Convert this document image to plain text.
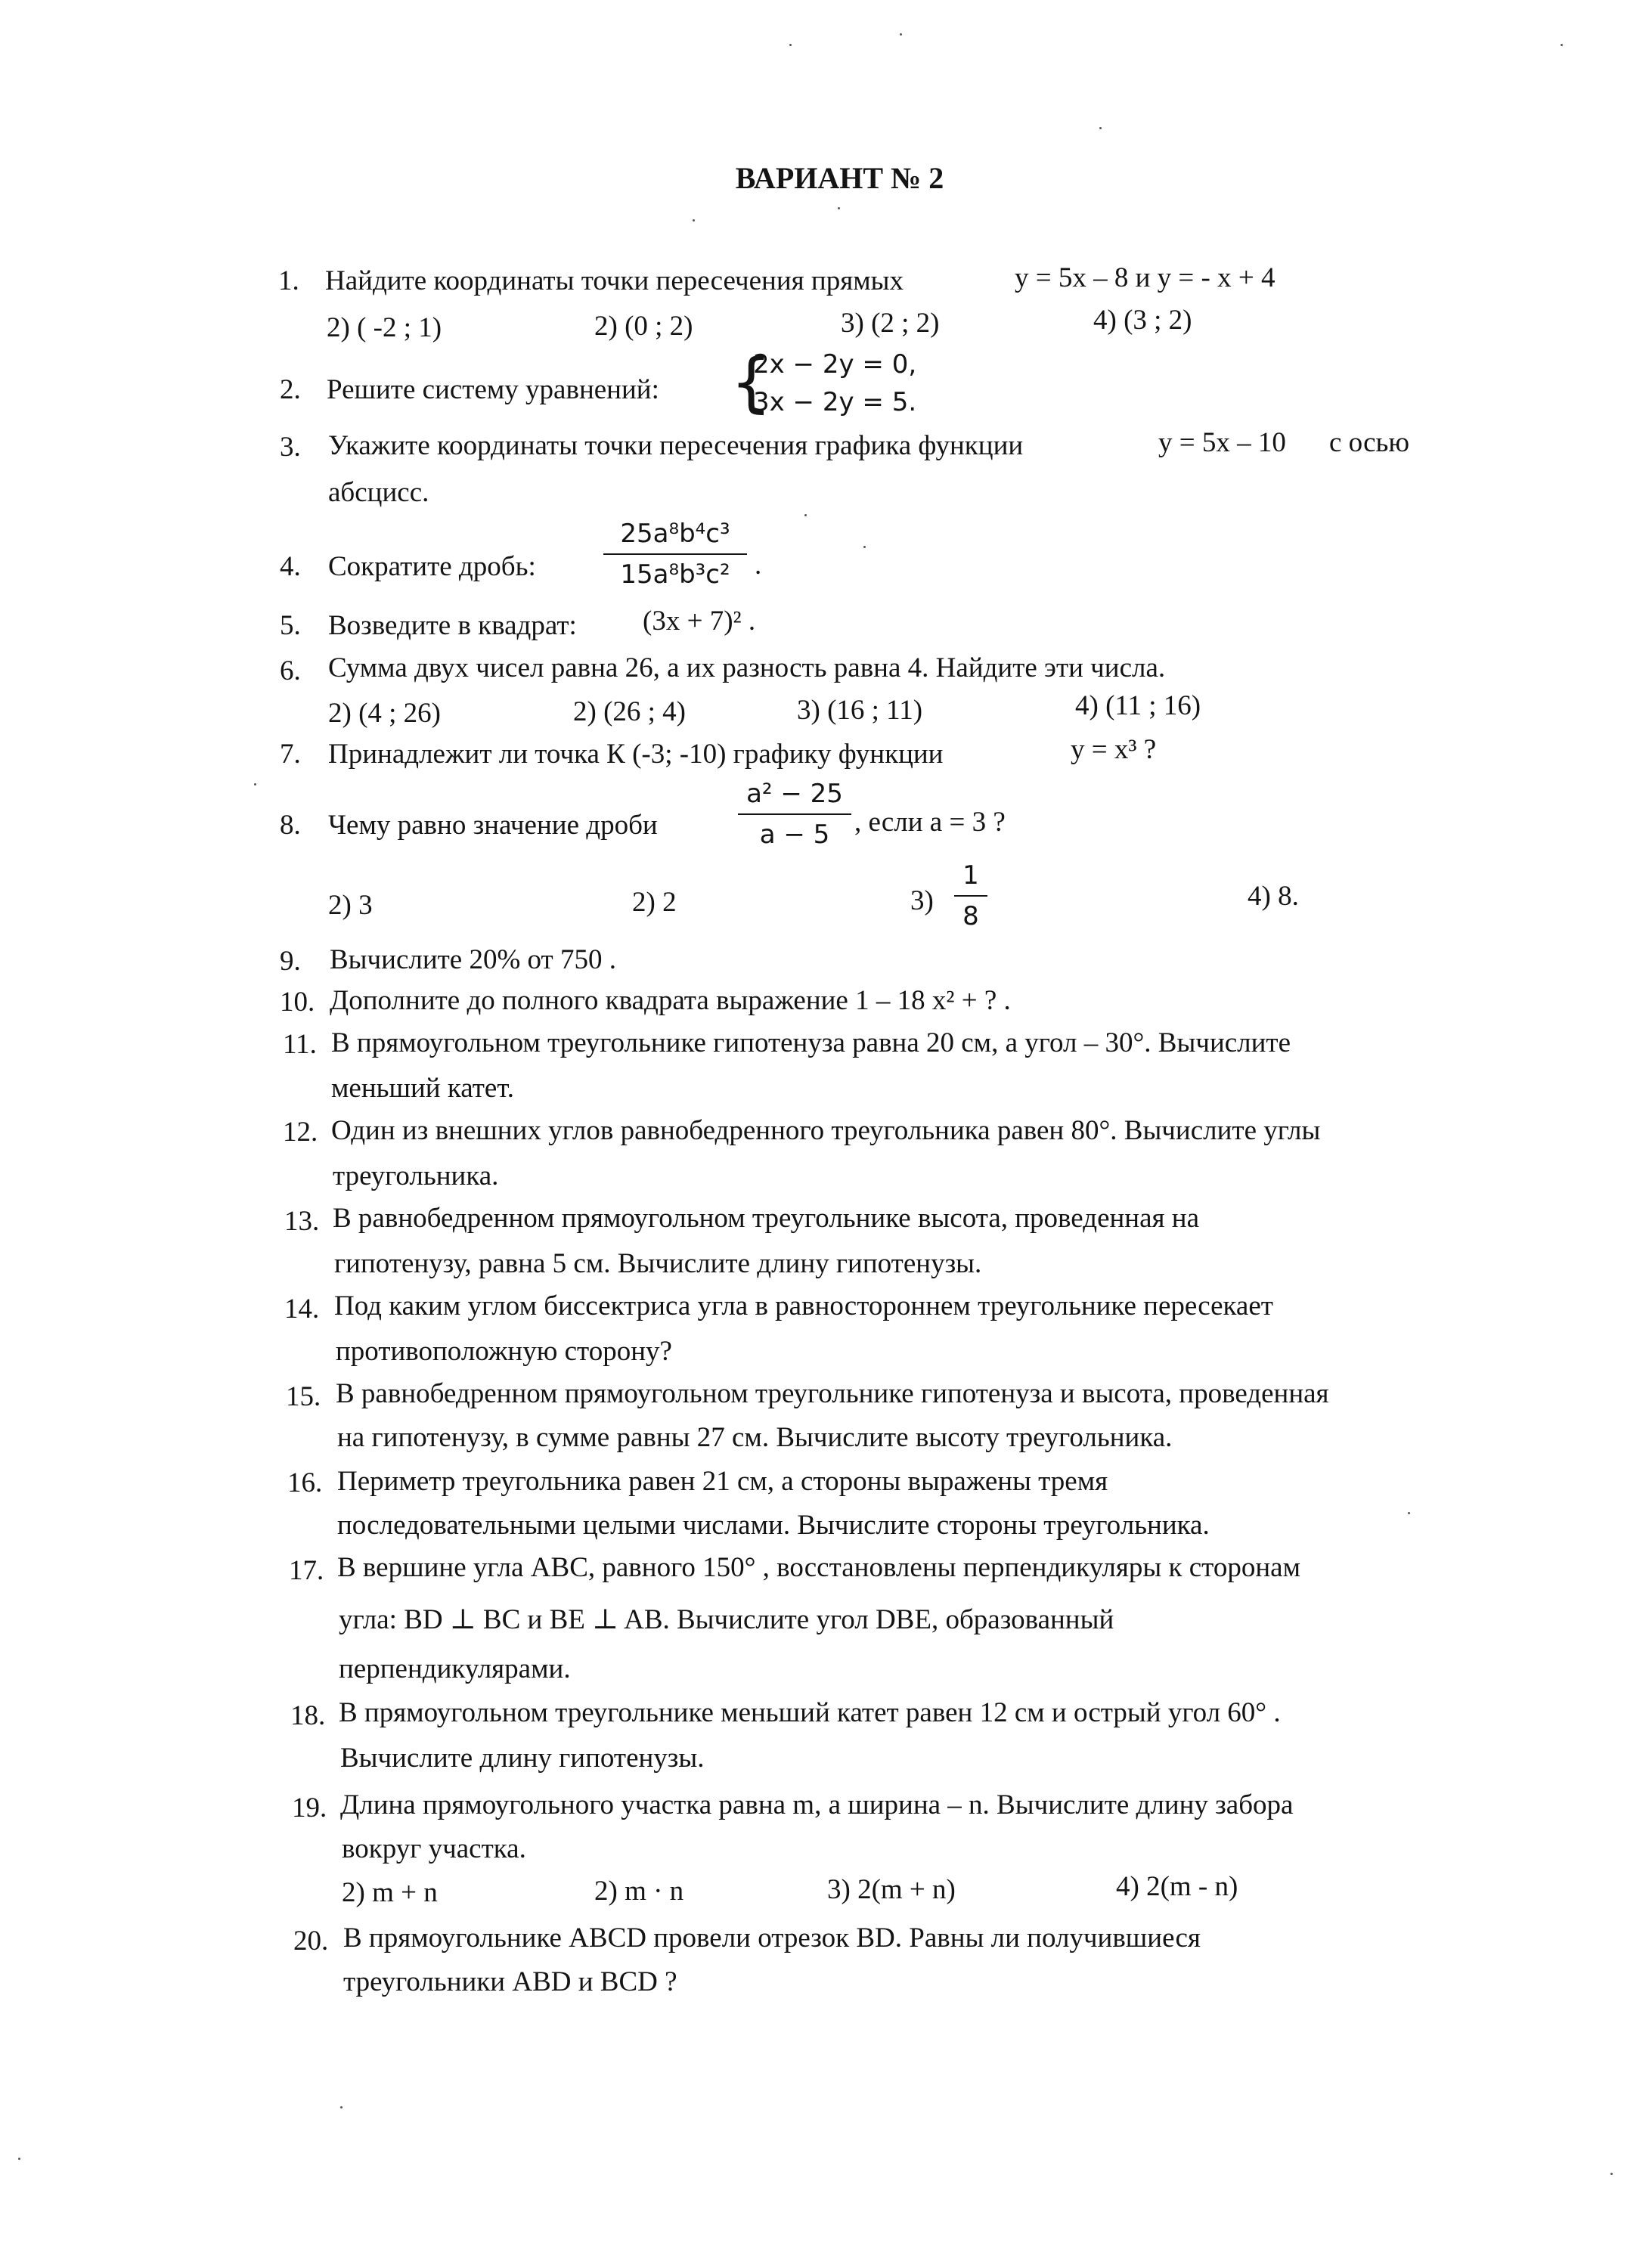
ВАРИАНТ № 2
1. Найдите координаты точки пересечения прямых	y = 5x – 8 и y = - x + 4
2) ( -2 ; 1)	2) (0 ; 2)	3) (2 ; 2)	4) (3 ; 2)
2. Решите систему уравнений: {
2x − 2y = 0,
3x − 2y = 5.
3. Укажите координаты точки пересечения графика функции	y = 5x – 10 с осью
абсцисс.
4. Сократите дробь:
25a⁸b⁴c³
15a⁸b³c² .
5. Возведите в квадрат: (3x + 7)² .
6. Сумма двух чисел равна 26, а их разность равна 4. Найдите эти числа.
2) (4 ; 26)	2) (26 ; 4)	3) (16 ; 11)	4) (11 ; 16)
7. Принадлежит ли точка К (-3; -10) графику функции	y = x³ ?
8. Чему равно значение дроби
a² − 25
a − 5 , если a = 3 ?
2) 3	2) 2	3)
1
8
4) 8.
9. Вычислите 20% от 750 .
10. Дополните до полного квадрата выражение 1 – 18 x² + ? .
11. В прямоугольном треугольнике гипотенуза равна 20 см, а угол – 30°. Вычислите
меньший катет.
12. Один из внешних углов равнобедренного треугольника равен 80°. Вычислите углы
треугольника.
13. В равнобедренном прямоугольном треугольнике высота, проведенная на
гипотенузу, равна 5 см. Вычислите длину гипотенузы.
14. Под каким углом биссектриса угла в равностороннем треугольнике пересекает
противоположную сторону?
15. В равнобедренном прямоугольном треугольнике гипотенуза и высота, проведенная
на гипотенузу, в сумме равны 27 см. Вычислите высоту треугольника.
16. Периметр треугольника равен 21 см, а стороны выражены тремя
последовательными целыми числами. Вычислите стороны треугольника.
17. В вершине угла АВС, равного 150° , восстановлены перпендикуляры к сторонам
угла: BD ⊥ BC и BE ⊥ AB. Вычислите угол DBE, образованный
перпендикулярами.
18. В прямоугольном треугольнике меньший катет равен 12 см и острый угол 60° .
Вычислите длину гипотенузы.
19. Длина прямоугольного участка равна m, а ширина – n. Вычислите длину забора
вокруг участка.
2) m + n	2) m · n	3) 2(m + n)	4) 2(m - n)
20. В прямоугольнике ABCD провели отрезок BD. Равны ли получившиеся
треугольники ABD и BCD ?
